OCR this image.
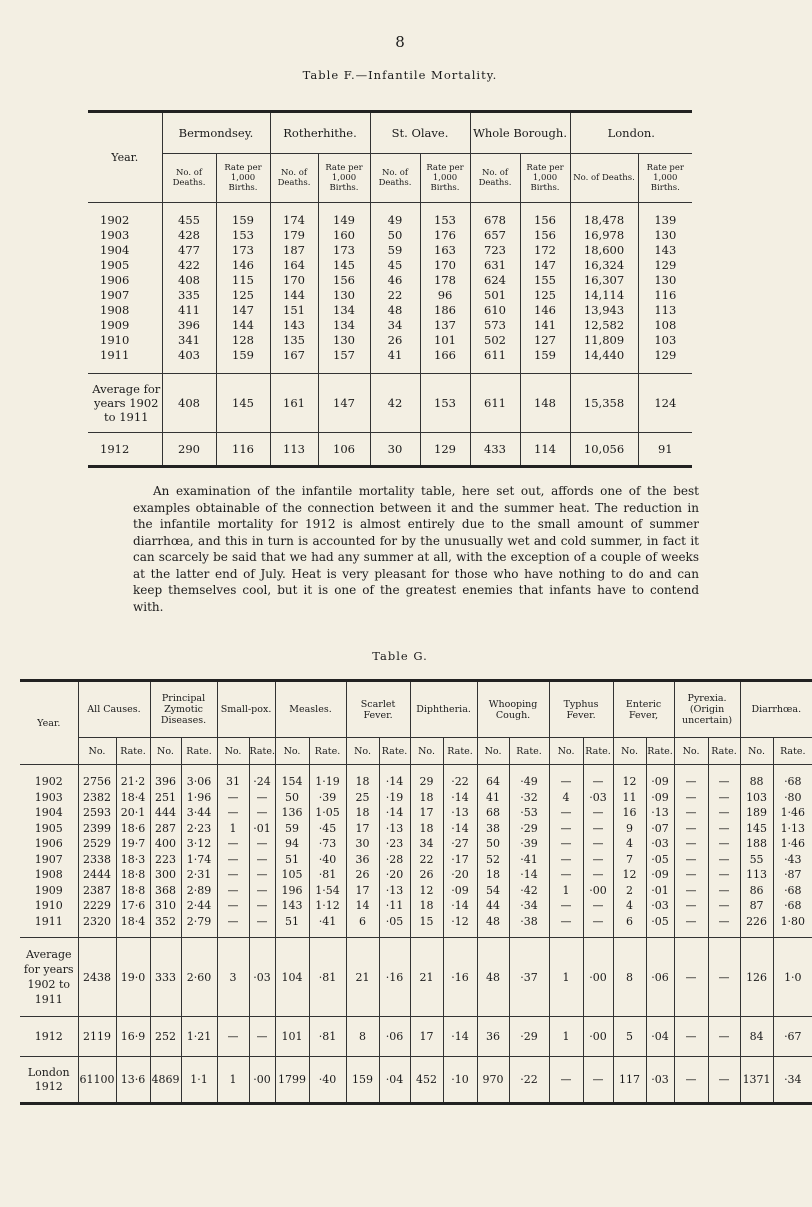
8
Table F.—Infantile Mortality.
Year.	Bermondsey.		Rotherhithe.		St. Olave.		Whole Borough.		London.	
	No. of Deaths.	Rate per 1,000 Births.	No. of Deaths.	Rate per 1,000 Births.	No. of Deaths.	Rate per 1,000 Births.	No. of Deaths.	Rate per 1,000 Births.	No. of Deaths.	Rate per 1,000 Births.
1902	455	159	174	149	49	153	678	156	18,478	139
1903	428	153	179	160	50	176	657	156	16,978	130
1904	477	173	187	173	59	163	723	172	18,600	143
1905	422	146	164	145	45	170	631	147	16,324	129
1906	408	115	170	156	46	178	624	155	16,307	130
1907	335	125	144	130	22	96	501	125	14,114	116
1908	411	147	151	134	48	186	610	146	13,943	113
1909	396	144	143	134	34	137	573	141	12,582	108
1910	341	128	135	130	26	101	502	127	11,809	103
1911	403	159	167	157	41	166	611	159	14,440	129
Average for years 1902 to 1911	408	145	161	147	42	153	611	148	15,358	124
1912	290	116	113	106	30	129	433	114	10,056	91
An examination of the infantile mortality table, here set out, affords one of the best examples obtainable of the connection between it and the summer heat. The reduction in the infantile mortality for 1912 is almost entirely due to the small amount of summer diarrhœa, and this in turn is accounted for by the unusually wet and cold summer, in fact it can scarcely be said that we had any summer at all, with the exception of a couple of weeks at the latter end of July. Heat is very pleasant for those who have nothing to do and can keep themselves cool, but it is one of the greatest enemies that infants have to contend with.
Table G.
Year.	All Causes.		Principal Zymotic Diseases.		Small-pox.		Measles.		Scarlet Fever.		Diphtheria.		Whooping Cough.		Typhus Fever.		Enteric Fever,		Pyrexia. (Origin uncertain)		Diarrhœa.	
	No.	Rate.	No.	Rate.	No.	Rate.	No.	Rate.	No.	Rate.	No.	Rate.	No.	Rate.	No.	Rate.	No.	Rate.	No.	Rate.	No.	Rate.
1902	2756	21·2	396	3·06	31	·24	154	1·19	18	·14	29	·22	64	·49	—	—	12	·09	—	—	88	·68
1903	2382	18·4	251	1·96	—	—	50	·39	25	·19	18	·14	41	·32	4	·03	11	·09	—	—	103	·80
1904	2593	20·1	444	3·44	—	—	136	1·05	18	·14	17	·13	68	·53	—	—	16	·13	—	—	189	1·46
1905	2399	18·6	287	2·23	1	·01	59	·45	17	·13	18	·14	38	·29	—	—	9	·07	—	—	145	1·13
1906	2529	19·7	400	3·12	—	—	94	·73	30	·23	34	·27	50	·39	—	—	4	·03	—	—	188	1·46
1907	2338	18·3	223	1·74	—	—	51	·40	36	·28	22	·17	52	·41	—	—	7	·05	—	—	55	·43
1908	2444	18·8	300	2·31	—	—	105	·81	26	·20	26	·20	18	·14	—	—	12	·09	—	—	113	·87
1909	2387	18·8	368	2·89	—	—	196	1·54	17	·13	12	·09	54	·42	1	·00	2	·01	—	—	86	·68
1910	2229	17·6	310	2·44	—	—	143	1·12	14	·11	18	·14	44	·34	—	—	4	·03	—	—	87	·68
1911	2320	18·4	352	2·79	—	—	51	·41	6	·05	15	·12	48	·38	—	—	6	·05	—	—	226	1·80
Average for years 1902 to 1911	2438	19·0	333	2·60	3	·03	104	·81	21	·16	21	·16	48	·37	1	·00	8	·06	—	—	126	1·0
1912	2119	16·9	252	1·21	—	—	101	·81	8	·06	17	·14	36	·29	1	·00	5	·04	—	—	84	·67
London 1912	61100	13·6	4869	1·1	1	·00	1799	·40	159	·04	452	·10	970	·22	—	—	117	·03	—	—	1371	·34
